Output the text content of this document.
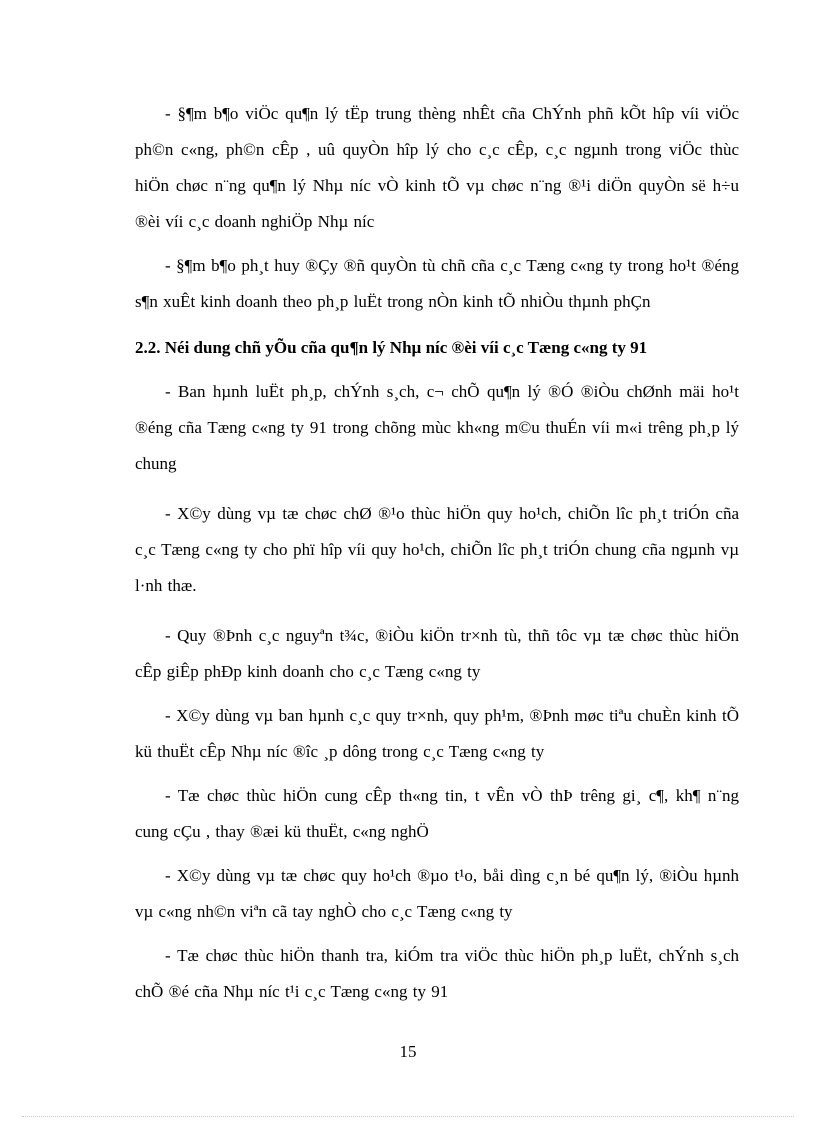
- §¶m b¶o viÖc qu¶n lý tËp trung thèng nhÊt cña ChÝnh phñ kÕt hîp víi viÖc ph©n c«ng, ph©n cÊp , uû quyÒn hîp lý cho c¸c cÊp, c¸c ngµnh trong viÖc thùc hiÖn chøc n¨ng qu¶n lý Nhµ níc vÒ kinh tÕ vµ chøc n¨ng ®¹i diÖn quyÒn së h÷u ®èi víi c¸c doanh nghiÖp Nhµ níc

- §¶m b¶o ph¸t huy ®Çy ®ñ quyÒn tù chñ cña c¸c Tæng c«ng ty trong ho¹t ®éng s¶n xuÊt kinh doanh theo ph¸p luËt trong nÒn kinh tÕ nhiÒu thµnh phÇn

2.2. Néi dung chñ yÕu cña qu¶n lý Nhµ níc ®èi víi c¸c Tæng c«ng ty 91

- Ban hµnh luËt ph¸p, chÝnh s¸ch, c¬ chÕ qu¶n lý ®Ó ®iÒu chØnh mäi ho¹t ®éng cña Tæng c«ng ty 91 trong chõng mùc kh«ng m©u thuÉn víi m«i trêng ph¸p lý chung

- X©y dùng vµ tæ chøc chØ ®¹o thùc hiÖn quy ho¹ch, chiÕn lîc ph¸t triÓn cña c¸c Tæng c«ng ty cho phï hîp víi quy ho¹ch, chiÕn lîc ph¸t triÓn chung cña ngµnh vµ l·nh thæ.

- Quy ®Þnh c¸c nguyªn t¾c, ®iÒu kiÖn tr×nh tù, thñ tôc vµ tæ chøc thùc hiÖn cÊp giÊp phÐp kinh doanh cho c¸c Tæng c«ng ty

- X©y dùng vµ ban hµnh c¸c quy tr×nh, quy ph¹m, ®Þnh møc tiªu chuÈn kinh tÕ kü thuËt cÊp Nhµ níc ®îc ¸p dông trong c¸c Tæng c«ng ty

- Tæ chøc thùc hiÖn cung cÊp th«ng tin, t vÊn vÒ thÞ trêng gi¸ c¶, kh¶ n¨ng cung cÇu , thay ®æi kü thuËt, c«ng nghÖ

- X©y dùng vµ tæ chøc quy ho¹ch ®µo t¹o, båi dìng c¸n bé qu¶n lý, ®iÒu hµnh vµ c«ng nh©n viªn cã tay nghÒ cho c¸c Tæng c«ng ty

- Tæ chøc thùc hiÖn thanh tra, kiÓm tra viÖc thùc hiÖn ph¸p luËt, chÝnh s¸ch chÕ ®é cña Nhµ níc t¹i c¸c Tæng c«ng ty 91

15
